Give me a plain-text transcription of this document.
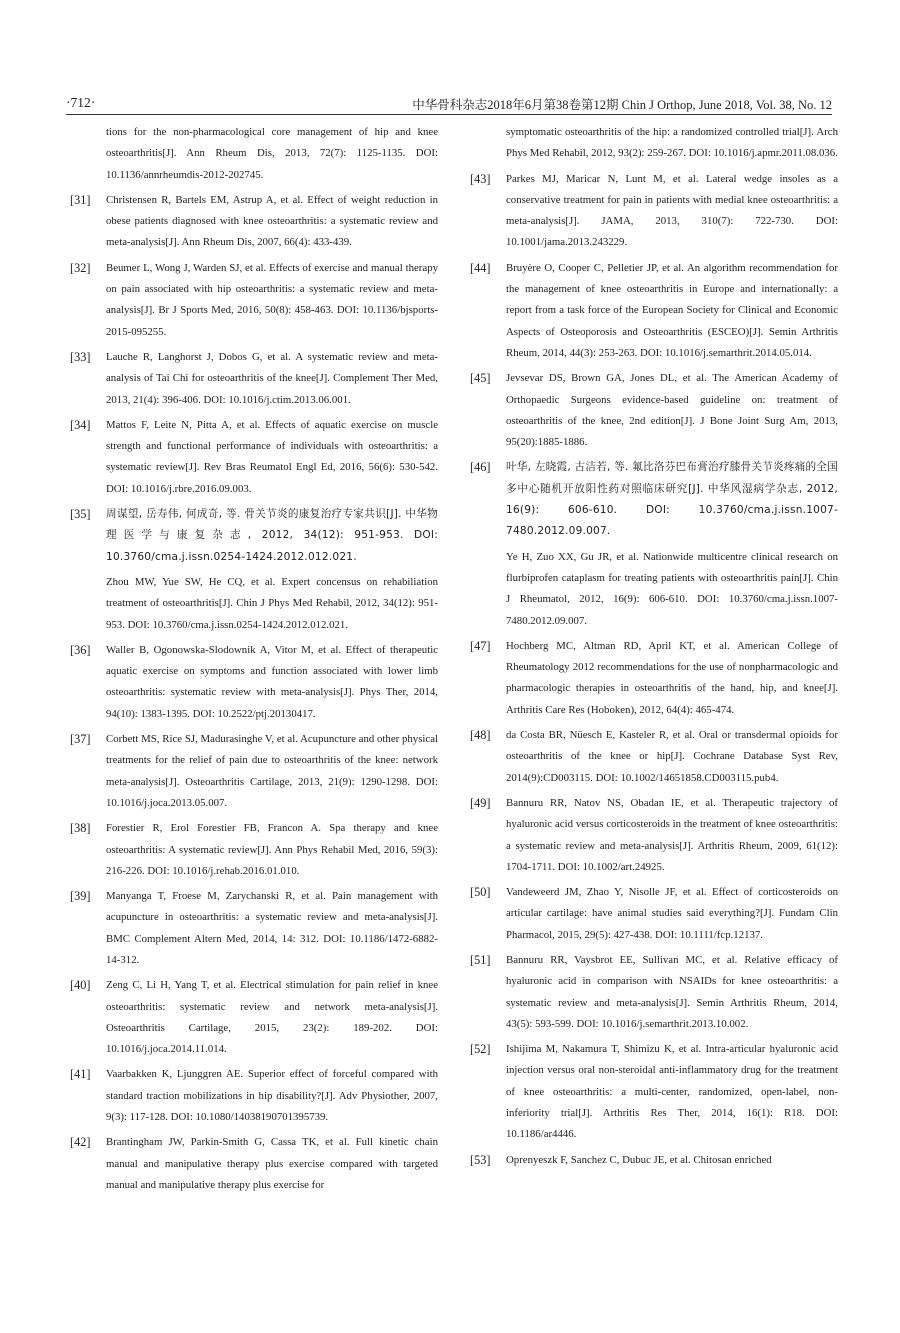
·712·	中华骨科杂志2018年6月第38卷第12期 Chin J Orthop, June 2018, Vol. 38, No. 12
tions for the non-pharmacological core management of hip and knee osteoarthritis[J]. Ann Rheum Dis, 2013, 72(7): 1125-1135. DOI: 10.1136/annrheumdis-2012-202745.
[31]	Christensen R, Bartels EM, Astrup A, et al. Effect of weight reduction in obese patients diagnosed with knee osteoarthritis: a systematic review and meta-analysis[J]. Ann Rheum Dis, 2007, 66(4): 433-439.
[32]	Beumer L, Wong J, Warden SJ, et al. Effects of exercise and manual therapy on pain associated with hip osteoarthritis: a systematic review and meta-analysis[J]. Br J Sports Med, 2016, 50(8): 458-463. DOI: 10.1136/bjsports-2015-095255.
[33]	Lauche R, Langhorst J, Dobos G, et al. A systematic review and meta-analysis of Tai Chi for osteoarthritis of the knee[J]. Complement Ther Med, 2013, 21(4): 396-406. DOI: 10.1016/j.ctim.2013.06.001.
[34]	Mattos F, Leite N, Pitta A, et al. Effects of aquatic exercise on muscle strength and functional performance of individuals with osteoarthritis: a systematic review[J]. Rev Bras Reumatol Engl Ed, 2016, 56(6): 530-542. DOI: 10.1016/j.rbre.2016.09.003.
[35]	周谋望, 岳寿伟, 何成奇, 等. 骨关节炎的康复治疗专家共识[J]. 中华物理医学与康复杂志, 2012, 34(12): 951-953. DOI: 10.3760/cma.j.issn.0254-1424.2012.012.021.
Zhou MW, Yue SW, He CQ, et al. Expert concensus on rehabiliation treatment of osteoarthritis[J]. Chin J Phys Med Rehabil, 2012, 34(12): 951-953. DOI: 10.3760/cma.j.issn.0254-1424.2012.012.021.
[36]	Waller B, Ogonowska-Slodownik A, Vitor M, et al. Effect of therapeutic aquatic exercise on symptoms and function associated with lower limb osteoarthritis: systematic review with meta-analysis[J]. Phys Ther, 2014, 94(10): 1383-1395. DOI: 10.2522/ptj.20130417.
[37]	Corbett MS, Rice SJ, Madurasinghe V, et al. Acupuncture and other physical treatments for the relief of pain due to osteoarthritis of the knee: network meta-analysis[J]. Osteoarthritis Cartilage, 2013, 21(9): 1290-1298. DOI: 10.1016/j.joca.2013.05.007.
[38]	Forestier R, Erol Forestier FB, Francon A. Spa therapy and knee osteoarthritis: A systematic review[J]. Ann Phys Rehabil Med, 2016, 59(3): 216-226. DOI: 10.1016/j.rehab.2016.01.010.
[39]	Manyanga T, Froese M, Zarychanski R, et al. Pain management with acupuncture in osteoarthritis: a systematic review and meta-analysis[J]. BMC Complement Altern Med, 2014, 14: 312. DOI: 10.1186/1472-6882-14-312.
[40]	Zeng C, Li H, Yang T, et al. Electrical stimulation for pain relief in knee osteoarthritis: systematic review and network meta-analysis[J]. Osteoarthritis Cartilage, 2015, 23(2): 189-202. DOI: 10.1016/j.joca.2014.11.014.
[41]	Vaarbakken K, Ljunggren AE. Superior effect of forceful compared with standard traction mobilizations in hip disability?[J]. Adv Physiother, 2007, 9(3): 117-128. DOI: 10.1080/14038190701395739.
[42]	Brantingham JW, Parkin-Smith G, Cassa TK, et al. Full kinetic chain manual and manipulative therapy plus exercise compared with targeted manual and manipulative therapy plus exercise for
symptomatic osteoarthritis of the hip: a randomized controlled trial[J]. Arch Phys Med Rehabil, 2012, 93(2): 259-267. DOI: 10.1016/j.apmr.2011.08.036.
[43]	Parkes MJ, Maricar N, Lunt M, et al. Lateral wedge insoles as a conservative treatment for pain in patients with medial knee osteoarthritis: a meta-analysis[J]. JAMA, 2013, 310(7): 722-730. DOI: 10.1001/jama.2013.243229.
[44]	Bruyère O, Cooper C, Pelletier JP, et al. An algorithm recommendation for the management of knee osteoarthritis in Europe and internationally: a report from a task force of the European Society for Clinical and Economic Aspects of Osteoporosis and Osteoarthritis (ESCEO)[J]. Semin Arthritis Rheum, 2014, 44(3): 253-263. DOI: 10.1016/j.semarthrit.2014.05.014.
[45]	Jevsevar DS, Brown GA, Jones DL, et al. The American Academy of Orthopaedic Surgeons evidence-based guideline on: treatment of osteoarthritis of the knee, 2nd edition[J]. J Bone Joint Surg Am, 2013, 95(20):1885-1886.
[46]	叶华, 左晓霞, 古洁若, 等. 氟比洛芬巴布膏治疗膝骨关节炎疼痛的全国多中心随机开放阳性药对照临床研究[J]. 中华风湿病学杂志, 2012, 16(9): 606-610. DOI: 10.3760/cma.j.issn.1007-7480.2012.09.007.
Ye H, Zuo XX, Gu JR, et al. Nationwide multicentre clinical research on flurbiprofen cataplasm for treating patients with osteoarthritis pain[J]. Chin J Rheumatol, 2012, 16(9): 606-610. DOI: 10.3760/cma.j.issn.1007-7480.2012.09.007.
[47]	Hochberg MC, Altman RD, April KT, et al. American College of Rheumatology 2012 recommendations for the use of nonpharmacologic and pharmacologic therapies in osteoarthritis of the hand, hip, and knee[J]. Arthritis Care Res (Hoboken), 2012, 64(4): 465-474.
[48]	da Costa BR, Nüesch E, Kasteler R, et al. Oral or transdermal opioids for osteoarthritis of the knee or hip[J]. Cochrane Database Syst Rev, 2014(9):CD003115. DOI: 10.1002/14651858.CD003115.pub4.
[49]	Bannuru RR, Natov NS, Obadan IE, et al. Therapeutic trajectory of hyaluronic acid versus corticosteroids in the treatment of knee osteoarthritis: a systematic review and meta-analysis[J]. Arthritis Rheum, 2009, 61(12): 1704-1711. DOI: 10.1002/art.24925.
[50]	Vandeweerd JM, Zhao Y, Nisolle JF, et al. Effect of corticosteroids on articular cartilage: have animal studies said everything?[J]. Fundam Clin Pharmacol, 2015, 29(5): 427-438. DOI: 10.1111/fcp.12137.
[51]	Bannuru RR, Vaysbrot EE, Sullivan MC, et al. Relative efficacy of hyaluronic acid in comparison with NSAIDs for knee osteoarthritis: a systematic review and meta-analysis[J]. Semin Arthritis Rheum, 2014, 43(5): 593-599. DOI: 10.1016/j.semarthrit.2013.10.002.
[52]	Ishijima M, Nakamura T, Shimizu K, et al. Intra-articular hyaluronic acid injection versus oral non-steroidal anti-inflammatory drug for the treatment of knee osteoarthritis: a multi-center, randomized, open-label, non-inferiority trial[J]. Arthritis Res Ther, 2014, 16(1): R18. DOI: 10.1186/ar4446.
[53]	Oprenyeszk F, Sanchez C, Dubuc JE, et al. Chitosan enriched
